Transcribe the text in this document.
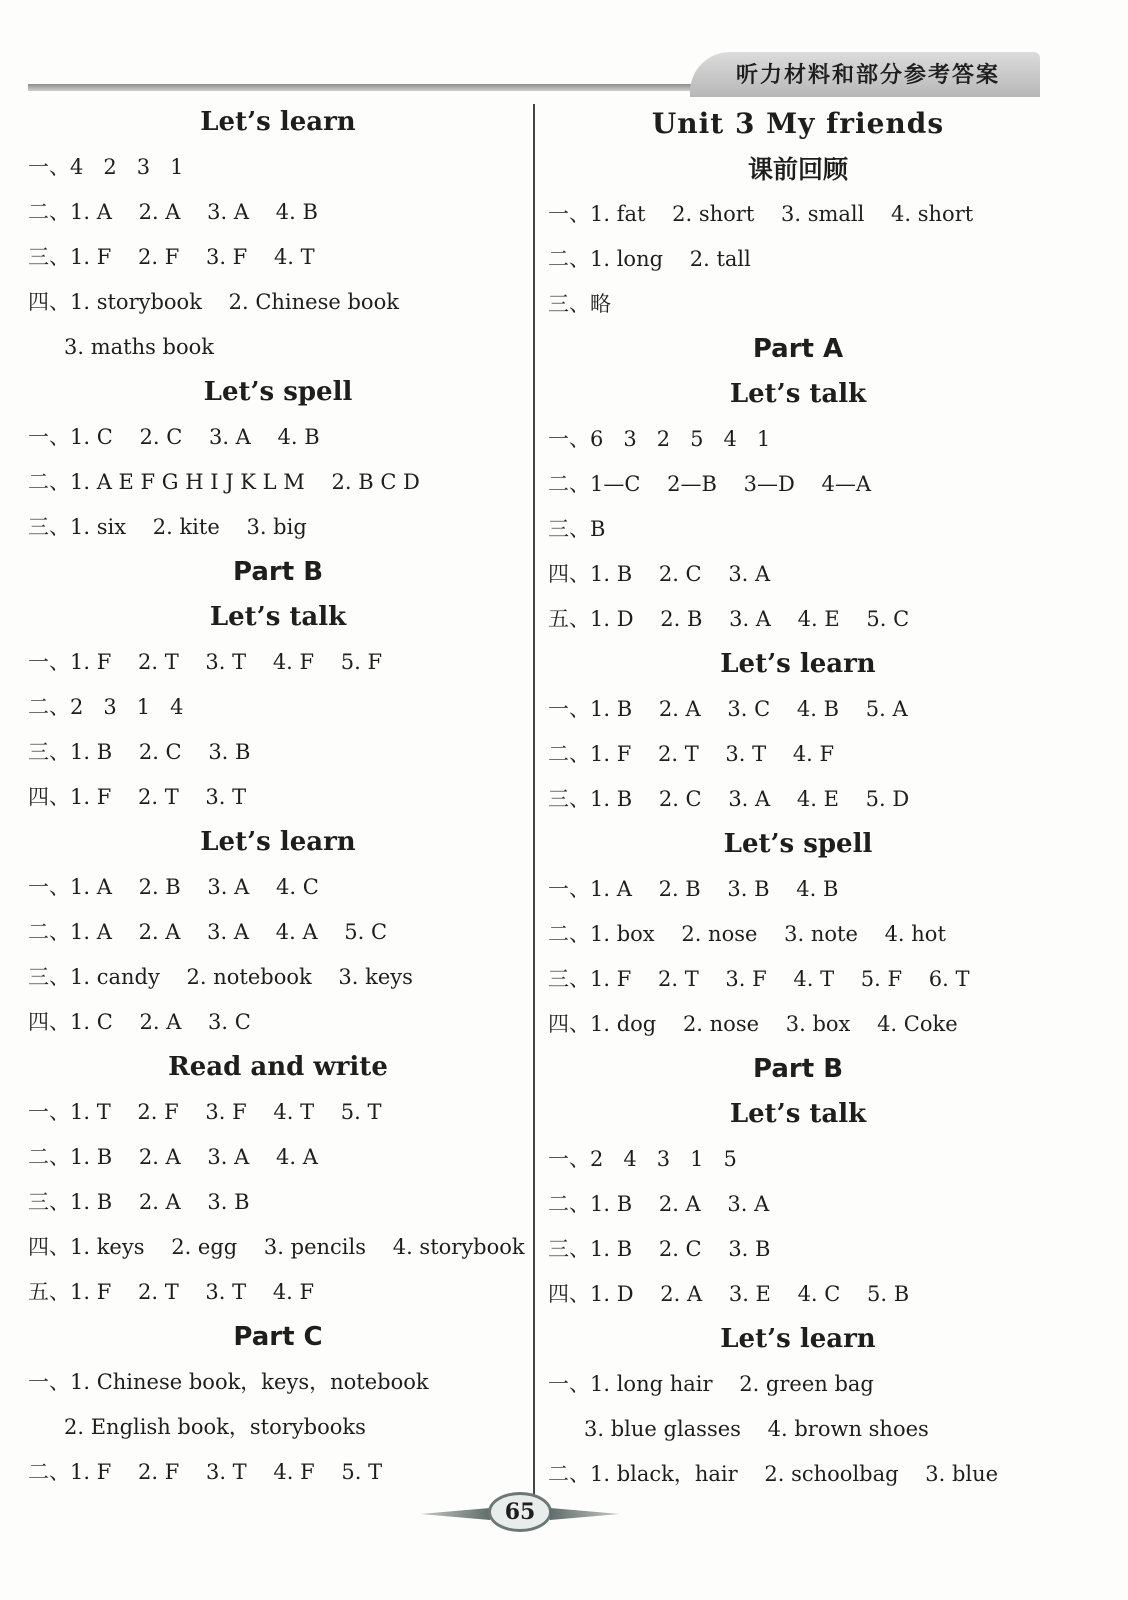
听力材料和部分参考答案
Let’s learn
一、4   2   3   1
二、1. A    2. A    3. A    4. B
三、1. F    2. F    3. F    4. T
四、1. storybook    2. Chinese book
3. maths book
Let’s spell
一、1. C    2. C    3. A    4. B
二、1. A E F G H I J K L M    2. B C D
三、1. six    2. kite    3. big
Part B
Let’s talk
一、1. F    2. T    3. T    4. F    5. F
二、2   3   1   4
三、1. B    2. C    3. B
四、1. F    2. T    3. T
Let’s learn
一、1. A    2. B    3. A    4. C
二、1. A    2. A    3. A    4. A    5. C
三、1. candy    2. notebook    3. keys
四、1. C    2. A    3. C
Read and write
一、1. T    2. F    3. F    4. T    5. T
二、1. B    2. A    3. A    4. A
三、1. B    2. A    3. B
四、1. keys    2. egg    3. pencils    4. storybook
五、1. F    2. T    3. T    4. F
Part C
一、1. Chinese book，keys，notebook
2. English book，storybooks
二、1. F    2. F    3. T    4. F    5. T
Unit 3 My friends
课前回顾
一、1. fat    2. short    3. small    4. short
二、1. long    2. tall
三、略
Part A
Let’s talk
一、6   3   2   5   4   1
二、1—C    2—B    3—D    4—A
三、B
四、1. B    2. C    3. A
五、1. D    2. B    3. A    4. E    5. C
Let’s learn
一、1. B    2. A    3. C    4. B    5. A
二、1. F    2. T    3. T    4. F
三、1. B    2. C    3. A    4. E    5. D
Let’s spell
一、1. A    2. B    3. B    4. B
二、1. box    2. nose    3. note    4. hot
三、1. F    2. T    3. F    4. T    5. F    6. T
四、1. dog    2. nose    3. box    4. Coke
Part B
Let’s talk
一、2   4   3   1   5
二、1. B    2. A    3. A
三、1. B    2. C    3. B
四、1. D    2. A    3. E    4. C    5. B
Let’s learn
一、1. long hair    2. green bag
3. blue glasses    4. brown shoes
二、1. black，hair    2. schoolbag    3. blue
65
